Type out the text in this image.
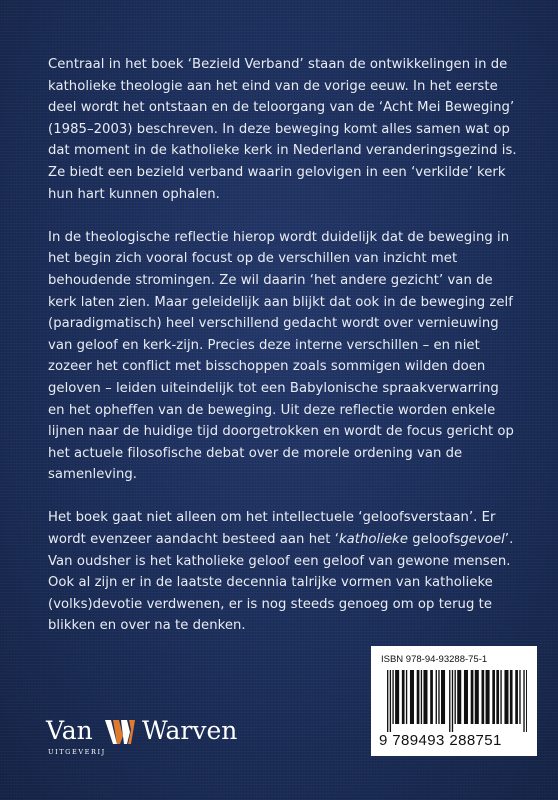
Centraal in het boek ‘Bezield Verband’ staan de ontwikkelingen in de katholieke theologie aan het eind van de vorige eeuw. In het eerste deel wordt het ontstaan en de teloorgang van de ‘Acht Mei Beweging’ (1985–2003) beschreven. In deze beweging komt alles samen wat op dat moment in de katholieke kerk in Nederland veranderingsgezind is. Ze biedt een bezield verband waarin gelovigen in een ‘verkilde’ kerk hun hart kunnen ophalen.

In de theologische reflectie hierop wordt duidelijk dat de beweging in het begin zich vooral focust op de verschillen van inzicht met behoudende stromingen. Ze wil daarin ‘het andere gezicht’ van de kerk laten zien. Maar geleidelijk aan blijkt dat ook in de beweging zelf (paradigmatisch) heel verschillend gedacht wordt over vernieuwing van geloof en kerk-zijn. Precies deze interne verschillen – en niet zozeer het conflict met bisschoppen zoals sommigen wilden doen geloven – leiden uiteindelijk tot een Babylonische spraakverwarring en het opheffen van de beweging. Uit deze reflectie worden enkele lijnen naar de huidige tijd doorgetrokken en wordt de focus gericht op het actuele filosofische debat over de morele ordening van de samenleving.

Het boek gaat niet alleen om het intellectuele ‘geloofsverstaan’. Er wordt evenzeer aandacht besteed aan het ‘katholieke geloofsgevoel’. Van oudsher is het katholieke geloof een geloof van gewone mensen. Ook al zijn er in de laatste decennia talrijke vormen van katholieke (volks)devotie verdwenen, er is nog steeds genoeg om op terug te blikken en over na te denken.

Van
UITGEVERIJ
Warven
ISBN 978-94-93288-75-1
9 789493 288751
